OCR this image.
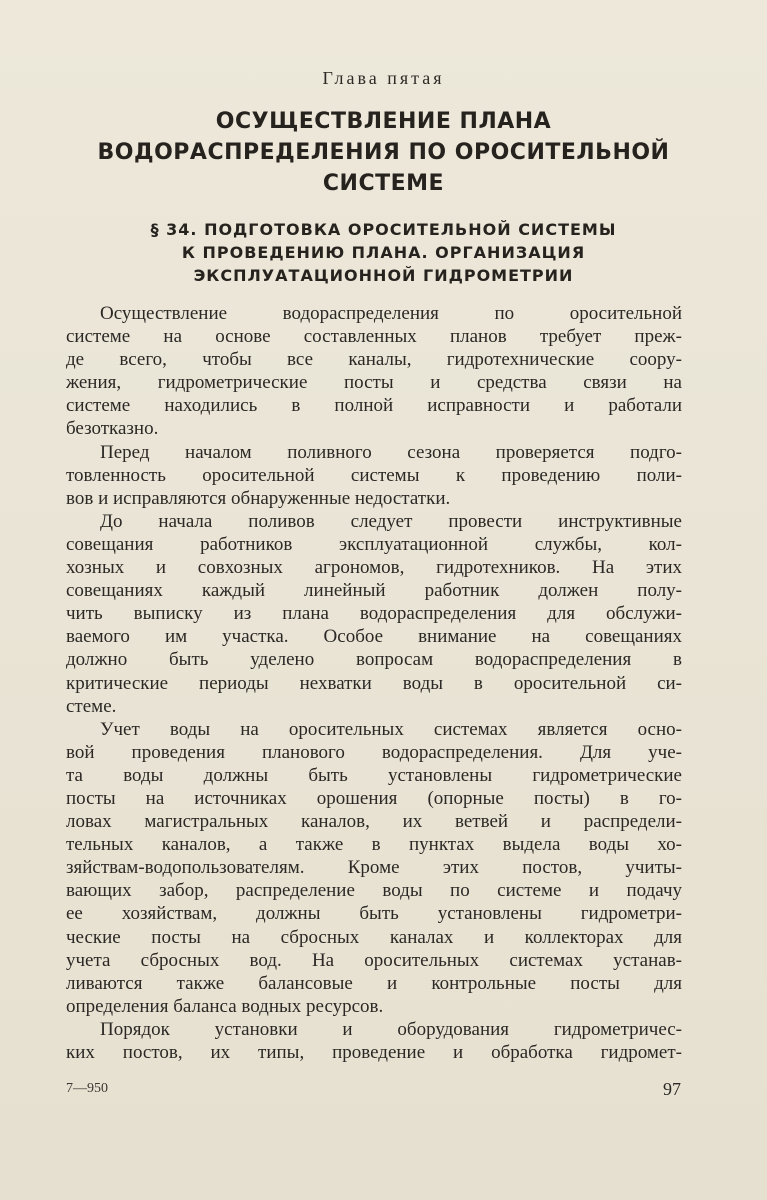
Глава пятая
ОСУЩЕСТВЛЕНИЕ ПЛАНА
ВОДОРАСПРЕДЕЛЕНИЯ ПО ОРОСИТЕЛЬНОЙ
СИСТЕМЕ
§ 34. ПОДГОТОВКА ОРОСИТЕЛЬНОЙ СИСТЕМЫ
К ПРОВЕДЕНИЮ ПЛАНА. ОРГАНИЗАЦИЯ
ЭКСПЛУАТАЦИОННОЙ ГИДРОМЕТРИИ

Осуществление водораспределения по оросительной
системе на основе составленных планов требует преж-
де всего, чтобы все каналы, гидротехнические соору-
жения, гидрометрические посты и средства связи на
системе находились в полной исправности и работали
безотказно.

Перед началом поливного сезона проверяется подго-
товленность оросительной системы к проведению поли-
вов и исправляются обнаруженные недостатки.

До начала поливов следует провести инструктивные
совещания работников эксплуатационной службы, кол-
хозных и совхозных агрономов, гидротехников. На этих
совещаниях каждый линейный работник должен полу-
чить выписку из плана водораспределения для обслужи-
ваемого им участка. Особое внимание на совещаниях
должно быть уделено вопросам водораспределения в
критические периоды нехватки воды в оросительной си-
стеме.

Учет воды на оросительных системах является осно-
вой проведения планового водораспределения. Для уче-
та воды должны быть установлены гидрометрические
посты на источниках орошения (опорные посты) в го-
ловах магистральных каналов, их ветвей и распредели-
тельных каналов, а также в пунктах выдела воды хо-
зяйствам-водопользователям. Кроме этих постов, учиты-
вающих забор, распределение воды по системе и подачу
ее хозяйствам, должны быть установлены гидрометри-
ческие посты на сбросных каналах и коллекторах для
учета сбросных вод. На оросительных системах устанав-
ливаются также балансовые и контрольные посты для
определения баланса водных ресурсов.

Порядок установки и оборудования гидрометричес-
ких постов, их типы, проведение и обработка гидромет-

7—950	97
